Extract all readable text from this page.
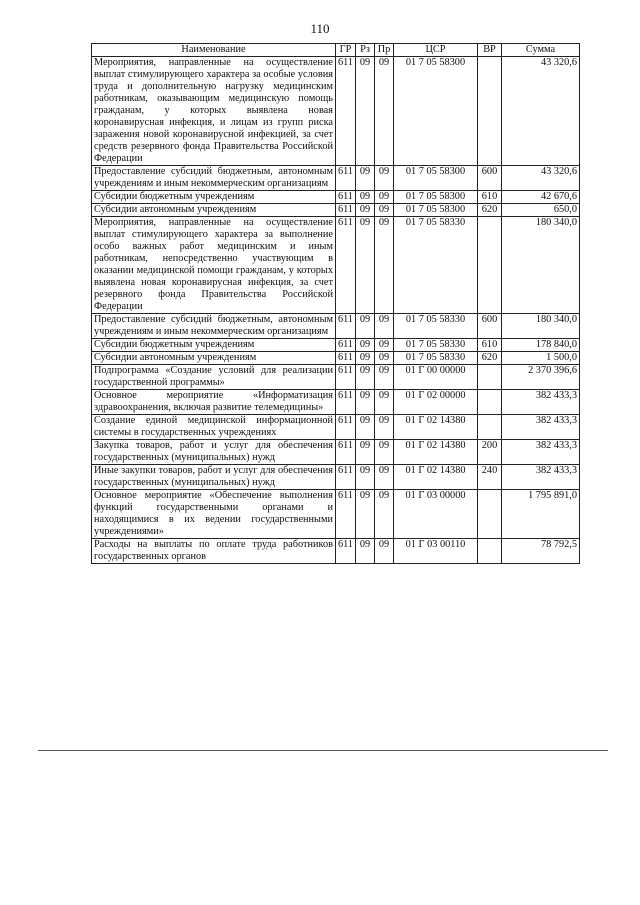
110
Наименование	ГР	Рз	Пр	ЦСР	ВР	Сумма
Мероприятия, направленные на осуществление выплат стимулирующего характера за особые условия труда и дополнительную нагрузку медицинским работникам, оказывающим медицинскую помощь гражданам, у которых выявлена новая коронавирусная инфекция, и лицам из групп риска заражения новой коронавирусной инфекцией, за счет средств резервного фонда Правительства Российской Федерации	611	09	09	01 7 05 58300		43 320,6
Предоставление субсидий бюджетным, автономным учреждениям и иным некоммерческим организациям	611	09	09	01 7 05 58300	600	43 320,6
Субсидии бюджетным учреждениям	611	09	09	01 7 05 58300	610	42 670,6
Субсидии автономным учреждениям	611	09	09	01 7 05 58300	620	650,0
Мероприятия, направленные на осуществление выплат стимулирующего характера за выполнение особо важных работ медицинским и иным работникам, непосредственно участвующим в оказании медицинской помощи гражданам, у которых выявлена новая коронавирусная инфекция, за счет резервного фонда Правительства Российской Федерации	611	09	09	01 7 05 58330		180 340,0
Предоставление субсидий бюджетным, автономным учреждениям и иным некоммерческим организациям	611	09	09	01 7 05 58330	600	180 340,0
Субсидии бюджетным учреждениям	611	09	09	01 7 05 58330	610	178 840,0
Субсидии автономным учреждениям	611	09	09	01 7 05 58330	620	1 500,0
Подпрограмма «Создание условий для реализации государственной программы»	611	09	09	01 Г 00 00000		2 370 396,6
Основное мероприятие «Информатизация здравоохранения, включая развитие телемедицины»	611	09	09	01 Г 02 00000		382 433,3
Создание единой медицинской информационной системы в государственных учреждениях	611	09	09	01 Г 02 14380		382 433,3
Закупка товаров, работ и услуг для обеспечения государственных (муниципальных) нужд	611	09	09	01 Г 02 14380	200	382 433,3
Иные закупки товаров, работ и услуг для обеспечения государственных (муниципальных) нужд	611	09	09	01 Г 02 14380	240	382 433,3
Основное мероприятие «Обеспечение выполнения функций государственными органами и находящимися в их ведении государственными учреждениями»	611	09	09	01 Г 03 00000		1 795 891,0
Расходы на выплаты по оплате труда работников государственных органов	611	09	09	01 Г 03 00110		78 792,5
